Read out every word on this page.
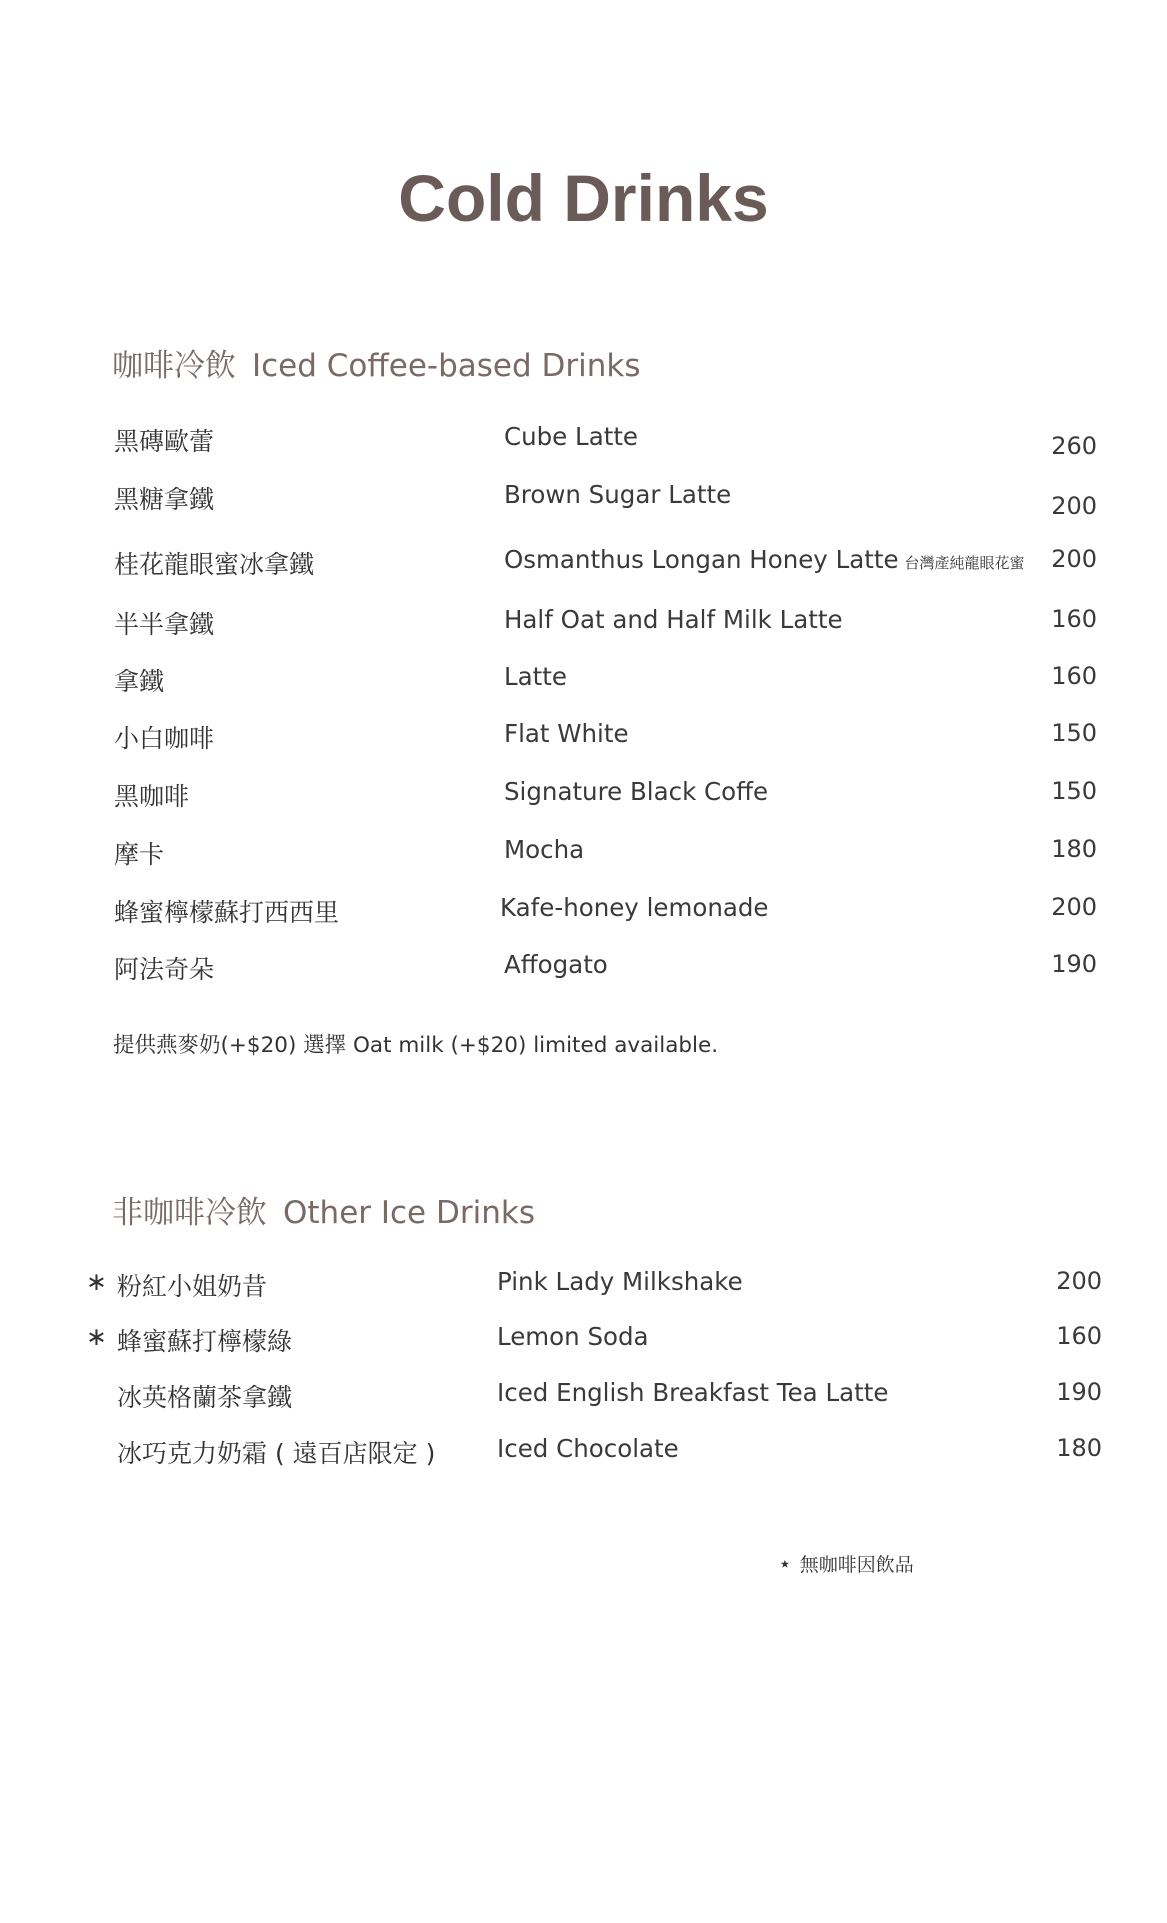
Cold Drinks
咖啡冷飲 Iced Coffee-based Drinks
黑磚歐蕾	Cube Latte	260
黑糖拿鐵	Brown Sugar Latte	200
桂花龍眼蜜冰拿鐵	Osmanthus Longan Honey Latte 台灣產純龍眼花蜜 200
半半拿鐵	Half Oat and Half Milk Latte	160
拿鐵	Latte	160
小白咖啡	Flat White	150
黑咖啡	Signature Black Coffe	150
摩卡	Mocha	180
蜂蜜檸檬蘇打西西里	Kafe-honey lemonade	200
阿法奇朵	Affogato	190
提供燕麥奶(+$20) 選擇 Oat milk (+$20) limited available.
非咖啡冷飲 Other Ice Drinks
∗ 粉紅小姐奶昔	Pink Lady Milkshake	200
∗ 蜂蜜蘇打檸檬綠	Lemon Soda	160
冰英格蘭茶拿鐵	Iced English Breakfast Tea Latte	190
冰巧克力奶霜 ( 遠百店限定 )	Iced Chocolate	180
⋆ 無咖啡因飲品
